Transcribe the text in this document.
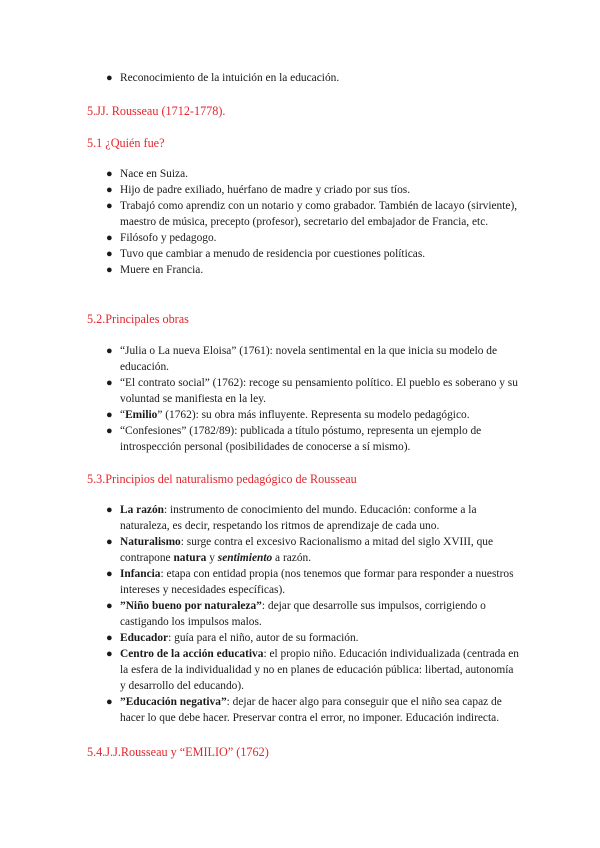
● Reconocimiento de la intuición en la educación.
5.JJ. Rousseau (1712-1778).
5.1 ¿Quién fue?
● Nace en Suiza.
● Hijo de padre exiliado, huérfano de madre y criado por sus tíos.
● Trabajó como aprendiz con un notario y como grabador. También de lacayo (sirviente), maestro de música, precepto (profesor), secretario del embajador de Francia, etc.
● Filósofo y pedagogo.
● Tuvo que cambiar a menudo de residencia por cuestiones políticas.
● Muere en Francia.
5.2.Principales obras
● “Julia o La nueva Eloisa” (1761): novela sentimental en la que inicia su modelo de educación.
● “El contrato social” (1762): recoge su pensamiento político. El pueblo es soberano y su voluntad se manifiesta en la ley.
● “Emilio” (1762): su obra más influyente. Representa su modelo pedagógico.
● “Confesiones” (1782/89): publicada a título póstumo, representa un ejemplo de introspección personal (posibilidades de conocerse a sí mismo).
5.3.Principios del naturalismo pedagógico de Rousseau
● La razón: instrumento de conocimiento del mundo. Educación: conforme a la naturaleza, es decir, respetando los ritmos de aprendizaje de cada uno.
● Naturalismo: surge contra el excesivo Racionalismo a mitad del siglo XVIII, que contrapone natura y sentimiento a razón.
● Infancia: etapa con entidad propia (nos tenemos que formar para responder a nuestros intereses y necesidades específicas).
● ”Niño bueno por naturaleza”: dejar que desarrolle sus impulsos, corrigiendo o castigando los impulsos malos.
● Educador: guía para el niño, autor de su formación.
● Centro de la acción educativa: el propio niño. Educación individualizada (centrada en la esfera de la individualidad y no en planes de educación pública: libertad, autonomía y desarrollo del educando).
● ”Educación negativa”: dejar de hacer algo para conseguir que el niño sea capaz de hacer lo que debe hacer. Preservar contra el error, no imponer. Educación indirecta.
5.4.J.J.Rousseau y “EMILIO” (1762)
